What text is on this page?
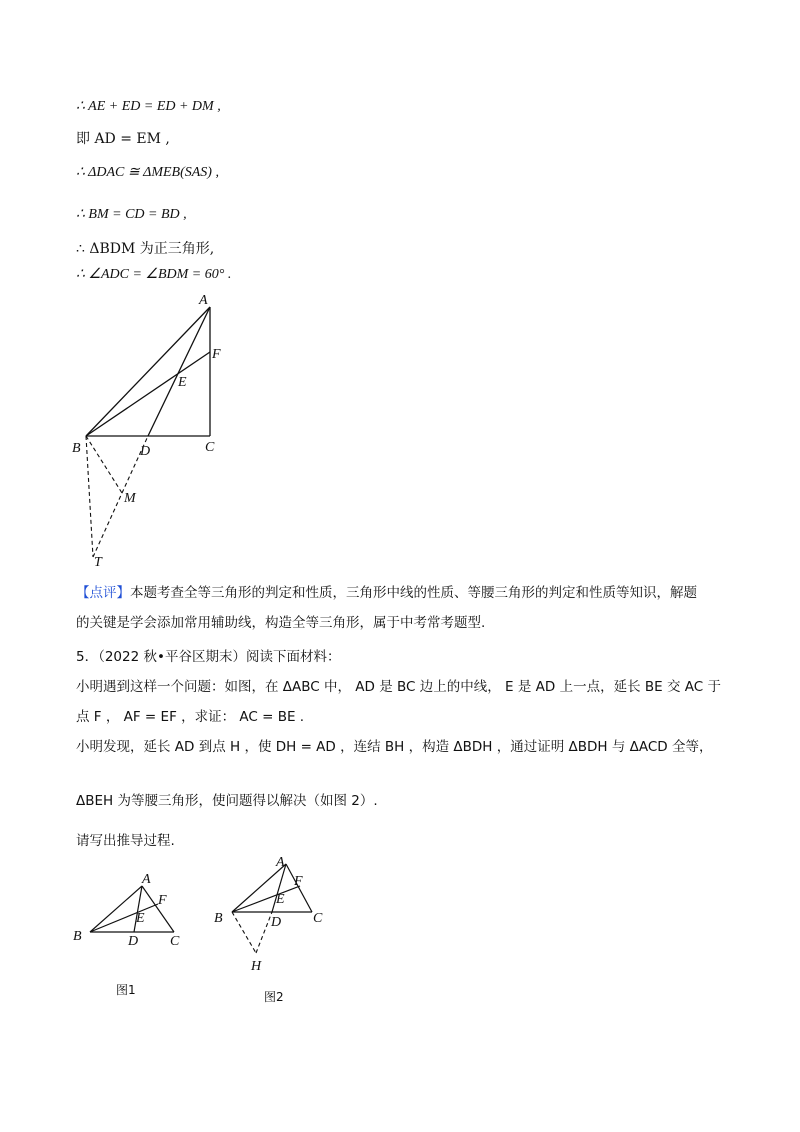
∴ AE + ED = ED + DM ,
即 AD = EM ,
∴ ΔDAC ≅ ΔMEB(SAS) ,
∴ BM = CD = BD ,
∴ ΔBDM 为正三角形,
∴ ∠ADC = ∠BDM = 60° .
A
F
E
B	D	C
M
T
【点评】本题考查全等三角形的判定和性质，三角形中线的性质、等腰三角形的判定和性质等知识，解题
的关键是学会添加常用辅助线，构造全等三角形，属于中考常考题型.
5．（2022 秋•平谷区期末）阅读下面材料：
小明遇到这样一个问题：如图，在 ΔABC 中， AD 是 BC 边上的中线， E 是 AD 上一点，延长 BE 交 AC 于
点 F ， AF = EF ，求证： AC = BE .
小明发现，延长 AD 到点 H ，使 DH = AD ，连结 BH ，构造 ΔBDH ，通过证明 ΔBDH 与 ΔACD 全等，
ΔBEH 为等腰三角形，使问题得以解决（如图 2）.
请写出推导过程.
A
F
E
B	D C
图1
A
F
E
B	D C
H
图2
